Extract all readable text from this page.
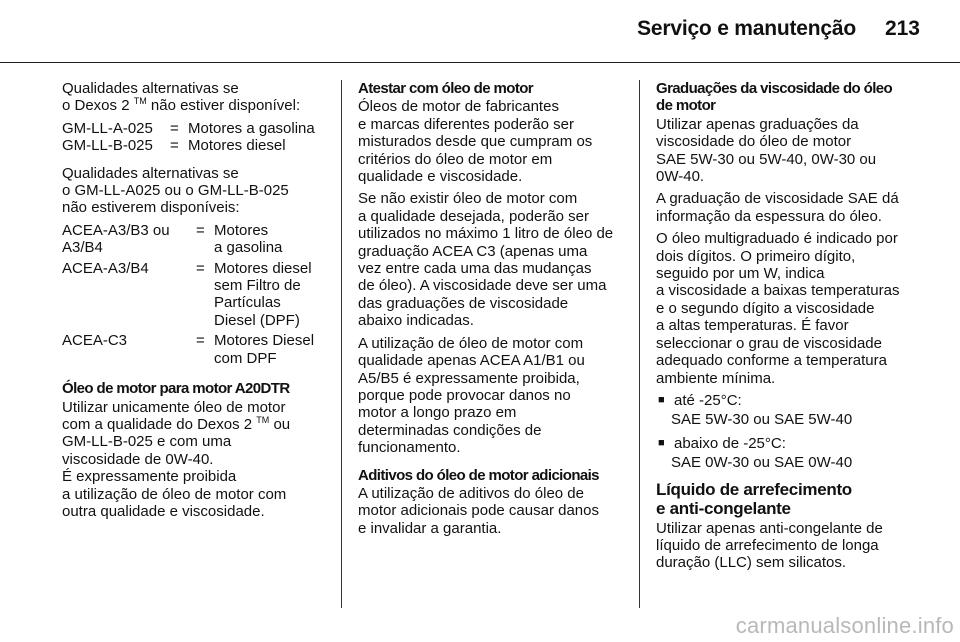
Serviço e manutenção 213

Qualidades alternativas se
o Dexos 2 ™ não estiver disponível:

GM-LL-A-025	=	Motores a gasolina
GM-LL-B-025	=	Motores diesel

Qualidades alternativas se
o GM-LL-A025 ou o GM-LL-B-025
não estiverem disponíveis:

ACEA-A3/B3 ou
A3/B4	=	Motores
a gasolina
ACEA-A3/B4	=	Motores diesel
sem Filtro de
Partículas
Diesel (DPF)
ACEA-C3	=	Motores Diesel
com DPF

Óleo de motor para motor A20DTR

Utilizar unicamente óleo de motor
com a qualidade do Dexos 2 ™ ou
GM-LL-B-025 e com uma
viscosidade de 0W-40.
É expressamente proibida
a utilização de óleo de motor com
outra qualidade e viscosidade.

Atestar com óleo de motor

Óleos de motor de fabricantes
e marcas diferentes poderão ser
misturados desde que cumpram os
critérios do óleo de motor em
qualidade e viscosidade.

Se não existir óleo de motor com
a qualidade desejada, poderão ser
utilizados no máximo 1 litro de óleo de
graduação ACEA C3 (apenas uma
vez entre cada uma das mudanças
de óleo). A viscosidade deve ser uma
das graduações de viscosidade
abaixo indicadas.

A utilização de óleo de motor com
qualidade apenas ACEA A1/B1 ou
A5/B5 é expressamente proibida,
porque pode provocar danos no
motor a longo prazo em
determinadas condições de
funcionamento.

Aditivos do óleo de motor adicionais

A utilização de aditivos do óleo de
motor adicionais pode causar danos
e invalidar a garantia.

Graduações da viscosidade do óleo
de motor

Utilizar apenas graduações da
viscosidade do óleo de motor
SAE 5W-30 ou 5W-40, 0W-30 ou
0W-40.

A graduação de viscosidade SAE dá
informação da espessura do óleo.

O óleo multigraduado é indicado por
dois dígitos. O primeiro dígito,
seguido por um W, indica
a viscosidade a baixas temperaturas
e o segundo dígito a viscosidade
a altas temperaturas. É favor
seleccionar o grau de viscosidade
adequado conforme a temperatura
ambiente mínima.

■ até -25°C:
SAE 5W-30 ou SAE 5W-40
■ abaixo de -25°C:
SAE 0W-30 ou SAE 0W-40
Líquido de arrefecimento
e anti-congelante

Utilizar apenas anti-congelante de
líquido de arrefecimento de longa
duração (LLC) sem silicatos.

carmanualsonline.info
